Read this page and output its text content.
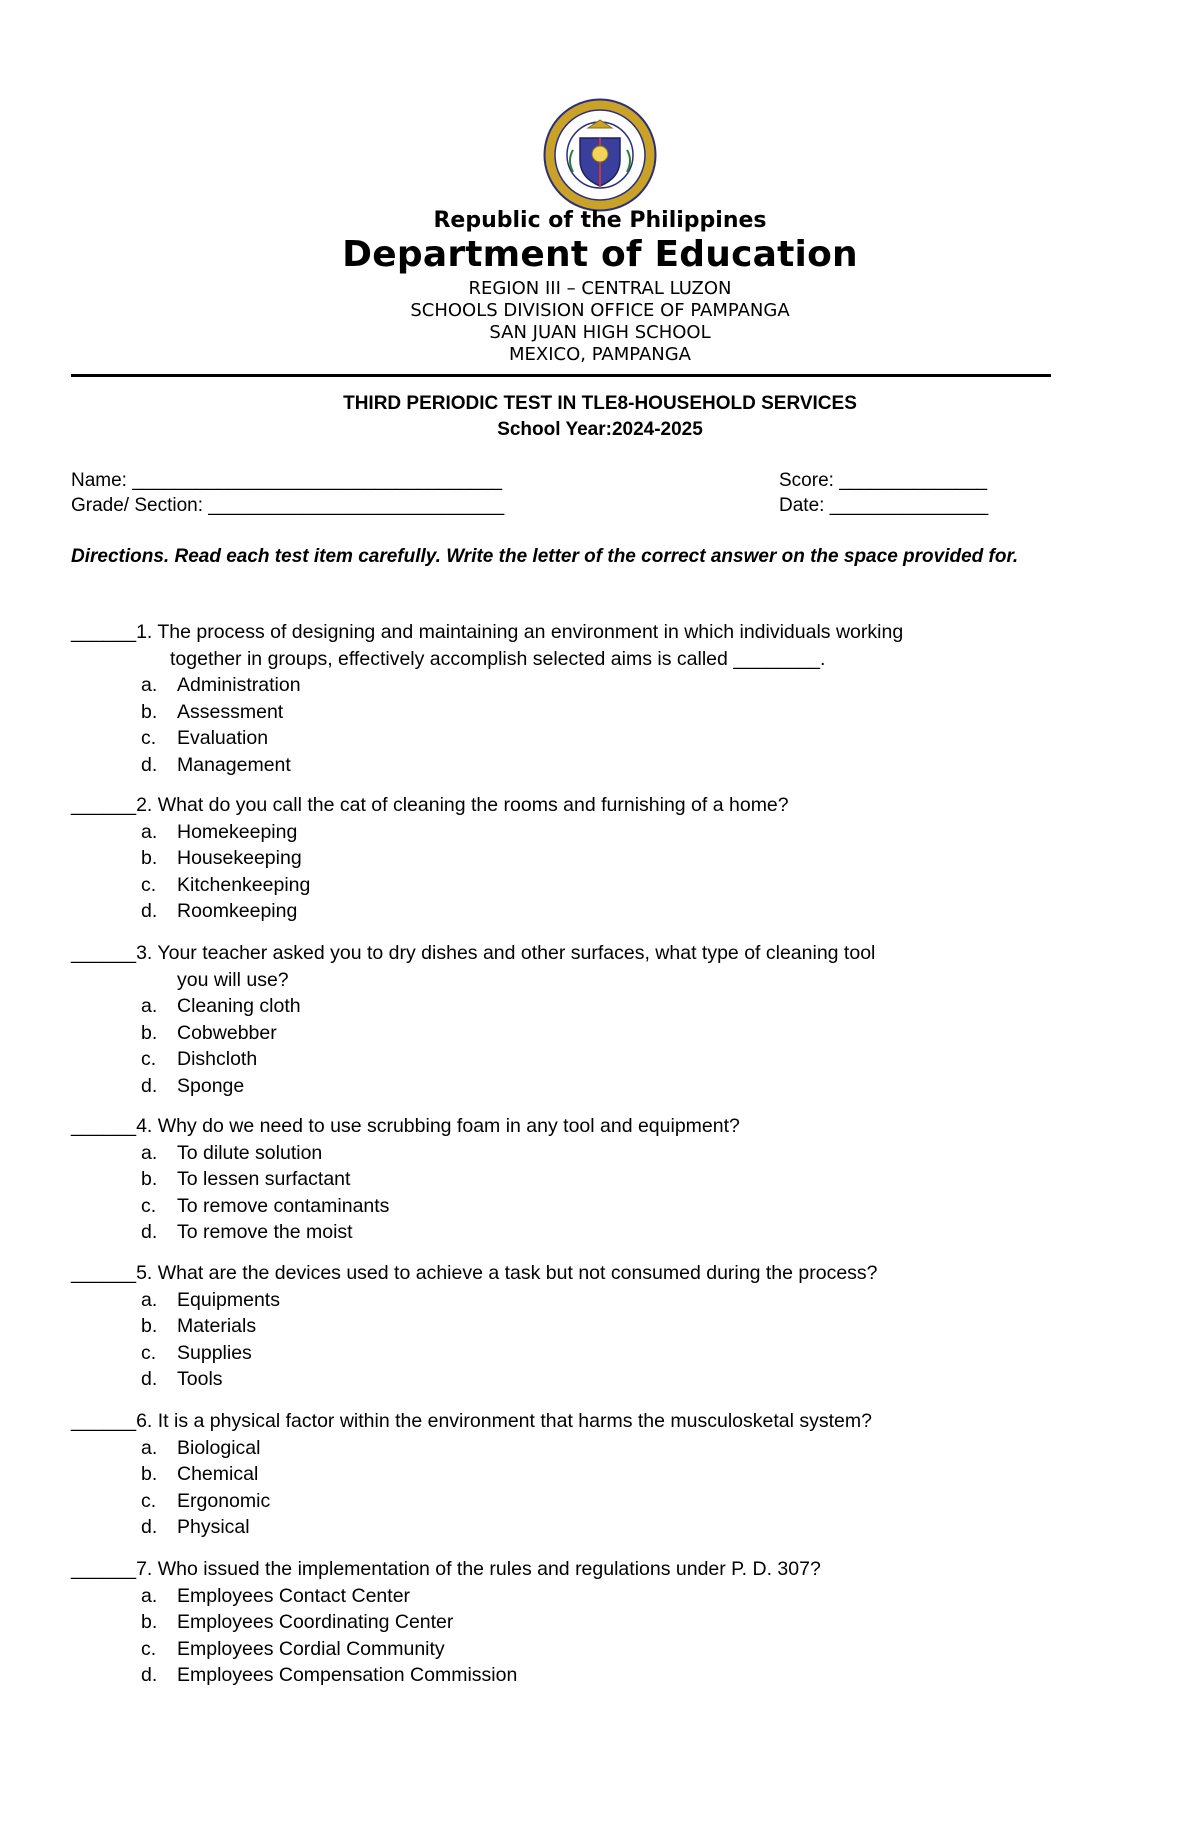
Republic of the Philippines
Department of Education
REGION III – CENTRAL LUZON
SCHOOLS DIVISION OFFICE OF PAMPANGA
SAN JUAN HIGH SCHOOL
MEXICO, PAMPANGA
THIRD PERIODIC TEST IN TLE8-HOUSEHOLD SERVICES
School Year:2024-2025
Name: ___________________________________	Score: ______________
Grade/ Section: ____________________________	Date: _______________
Directions. Read each test item carefully. Write the letter of the correct answer on the space provided for.
______1. The process of designing and maintaining an environment in which individuals working
together in groups, effectively accomplish selected aims is called ________.
a. Administration
b. Assessment
c. Evaluation
d. Management
______2. What do you call the cat of cleaning the rooms and furnishing of a home?
a. Homekeeping
b. Housekeeping
c. Kitchenkeeping
d. Roomkeeping
______3. Your teacher asked you to dry dishes and other surfaces, what type of cleaning tool
you will use?
a. Cleaning cloth
b. Cobwebber
c. Dishcloth
d. Sponge
______4. Why do we need to use scrubbing foam in any tool and equipment?
a. To dilute solution
b. To lessen surfactant
c. To remove contaminants
d. To remove the moist
______5. What are the devices used to achieve a task but not consumed during the process?
a. Equipments
b. Materials
c. Supplies
d. Tools
______6. It is a physical factor within the environment that harms the musculosketal system?
a. Biological
b. Chemical
c. Ergonomic
d. Physical
______7. Who issued the implementation of the rules and regulations under P. D. 307?
a. Employees Contact Center
b. Employees Coordinating Center
c. Employees Cordial Community
d. Employees Compensation Commission
